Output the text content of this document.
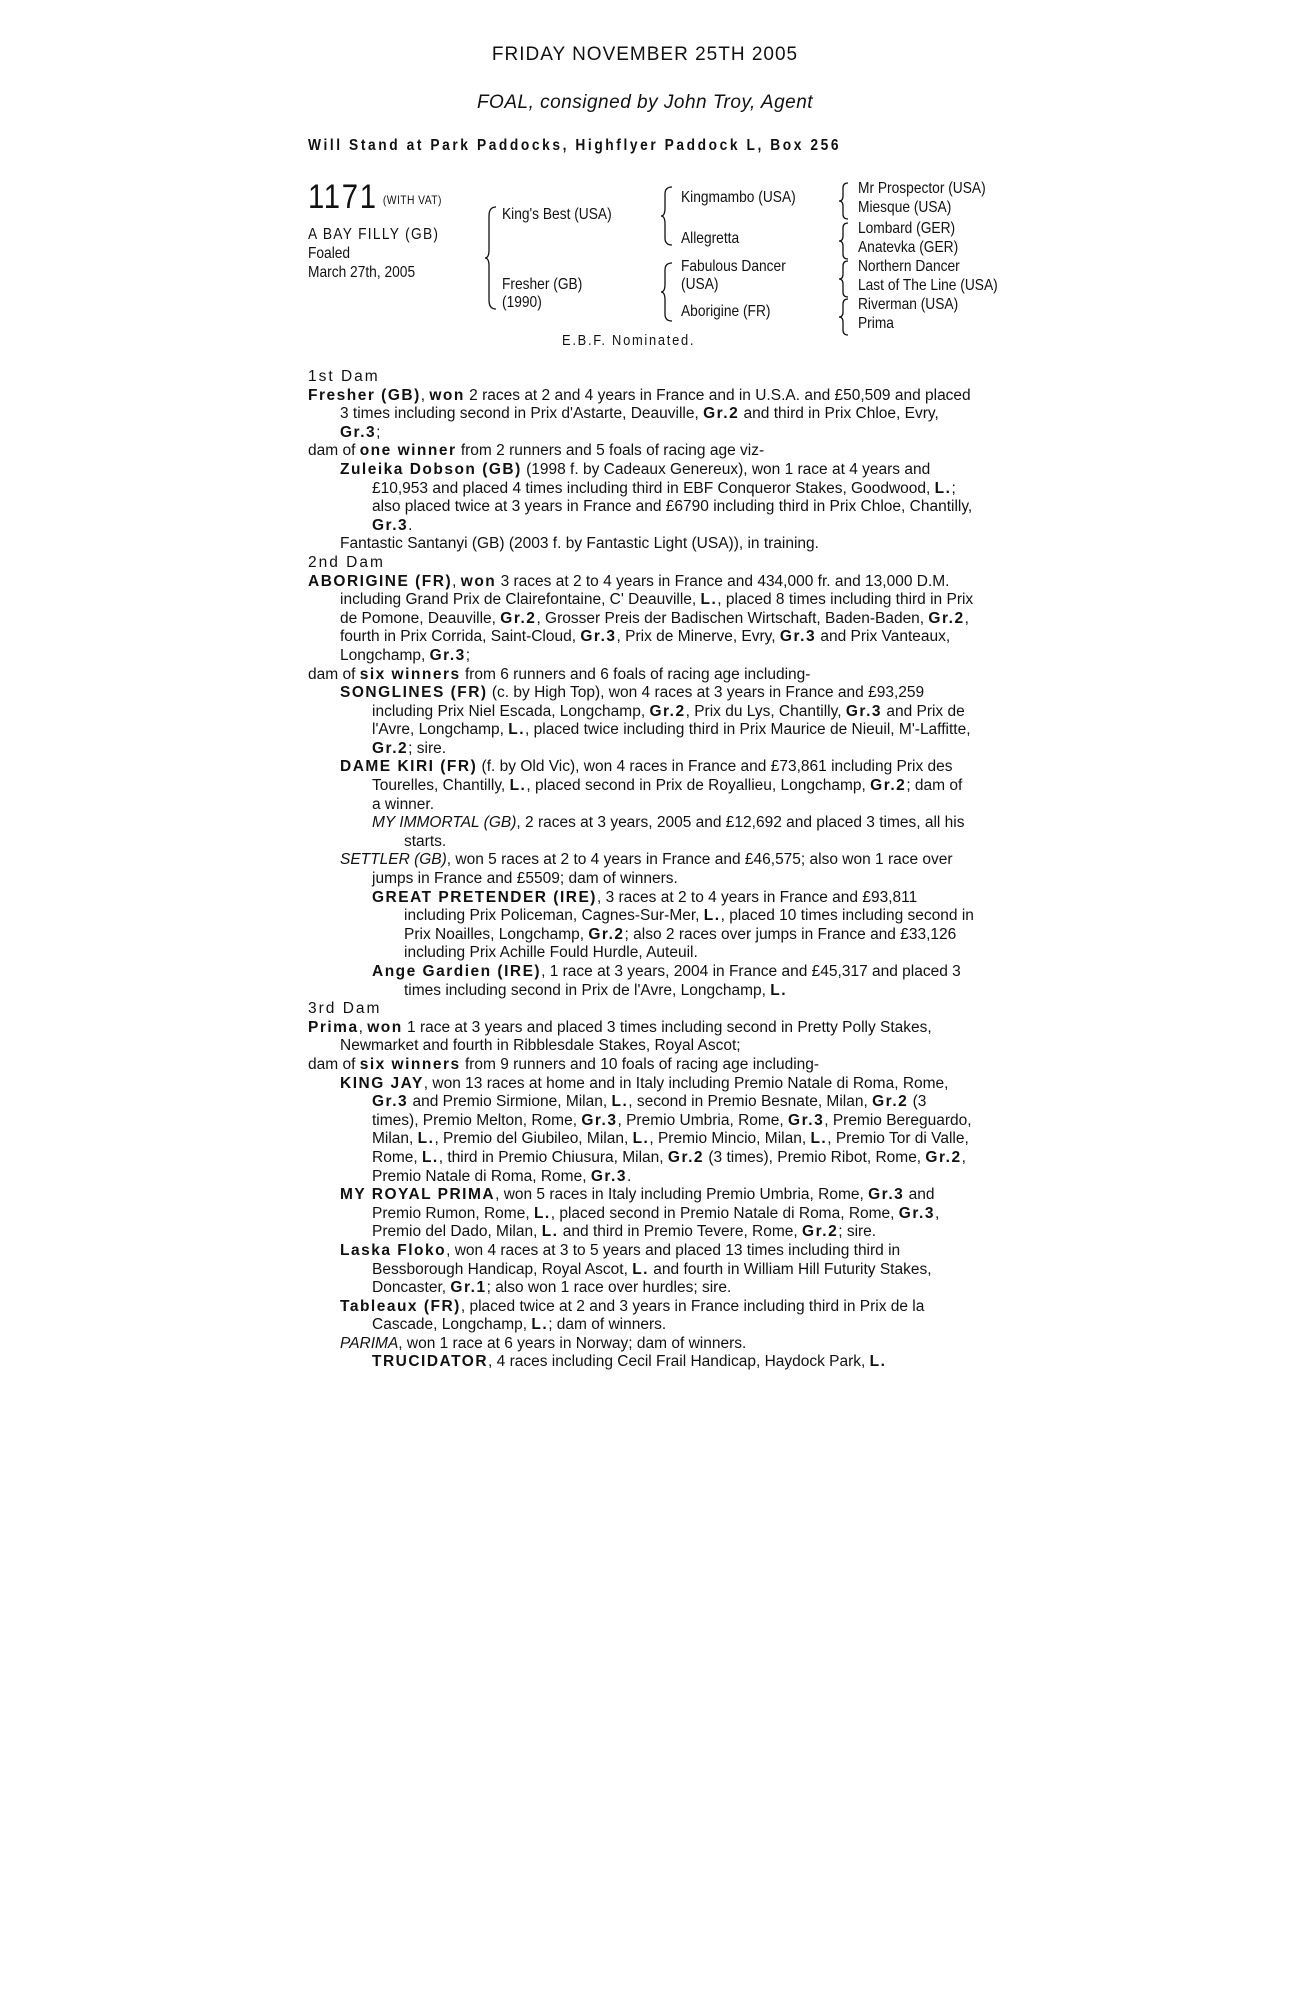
FRIDAY NOVEMBER 25TH 2005
FOAL, consigned by John Troy, Agent
Will Stand at Park Paddocks, Highflyer Paddock L, Box 256
1171 (WITH VAT)
A BAY FILLY (GB)
Foaled
March 27th, 2005
King's Best (USA)
Fresher (GB)
(1990)
Kingmambo (USA)
Allegretta
Fabulous Dancer
(USA)
Aborigine (FR)
Mr Prospector (USA)
Miesque (USA)
Lombard (GER)
Anatevka (GER)
Northern Dancer
Last of The Line (USA)
Riverman (USA)
Prima
E.B.F. Nominated.

1st Dam

Fresher (GB), won 2 races at 2 and 4 years in France and in U.S.A. and £50,509 and placed 3 times including second in Prix d'Astarte, Deauville, Gr.2 and third in Prix Chloe, Evry, Gr.3;

dam of one winner from 2 runners and 5 foals of racing age viz-

Zuleika Dobson (GB) (1998 f. by Cadeaux Genereux), won 1 race at 4 years and £10,953 and placed 4 times including third in EBF Conqueror Stakes, Goodwood, L.; also placed twice at 3 years in France and £6790 including third in Prix Chloe, Chantilly, Gr.3.

Fantastic Santanyi (GB) (2003 f. by Fantastic Light (USA)), in training.

2nd Dam

ABORIGINE (FR), won 3 races at 2 to 4 years in France and 434,000 fr. and 13,000 D.M. including Grand Prix de Clairefontaine, C' Deauville, L., placed 8 times including third in Prix de Pomone, Deauville, Gr.2, Grosser Preis der Badischen Wirtschaft, Baden-Baden, Gr.2, fourth in Prix Corrida, Saint-Cloud, Gr.3, Prix de Minerve, Evry, Gr.3 and Prix Vanteaux, Longchamp, Gr.3;

dam of six winners from 6 runners and 6 foals of racing age including-

SONGLINES (FR) (c. by High Top), won 4 races at 3 years in France and £93,259 including Prix Niel Escada, Longchamp, Gr.2, Prix du Lys, Chantilly, Gr.3 and Prix de l'Avre, Longchamp, L., placed twice including third in Prix Maurice de Nieuil, M'-Laffitte, Gr.2; sire.

DAME KIRI (FR) (f. by Old Vic), won 4 races in France and £73,861 including Prix des Tourelles, Chantilly, L., placed second in Prix de Royallieu, Longchamp, Gr.2; dam of a winner.

MY IMMORTAL (GB), 2 races at 3 years, 2005 and £12,692 and placed 3 times, all his starts.

SETTLER (GB), won 5 races at 2 to 4 years in France and £46,575; also won 1 race over jumps in France and £5509; dam of winners.

GREAT PRETENDER (IRE), 3 races at 2 to 4 years in France and £93,811 including Prix Policeman, Cagnes-Sur-Mer, L., placed 10 times including second in Prix Noailles, Longchamp, Gr.2; also 2 races over jumps in France and £33,126 including Prix Achille Fould Hurdle, Auteuil.

Ange Gardien (IRE), 1 race at 3 years, 2004 in France and £45,317 and placed 3 times including second in Prix de l'Avre, Longchamp, L.

3rd Dam

Prima, won 1 race at 3 years and placed 3 times including second in Pretty Polly Stakes, Newmarket and fourth in Ribblesdale Stakes, Royal Ascot;

dam of six winners from 9 runners and 10 foals of racing age including-

KING JAY, won 13 races at home and in Italy including Premio Natale di Roma, Rome, Gr.3 and Premio Sirmione, Milan, L., second in Premio Besnate, Milan, Gr.2 (3 times), Premio Melton, Rome, Gr.3, Premio Umbria, Rome, Gr.3, Premio Bereguardo, Milan, L., Premio del Giubileo, Milan, L., Premio Mincio, Milan, L., Premio Tor di Valle, Rome, L., third in Premio Chiusura, Milan, Gr.2 (3 times), Premio Ribot, Rome, Gr.2, Premio Natale di Roma, Rome, Gr.3.

MY ROYAL PRIMA, won 5 races in Italy including Premio Umbria, Rome, Gr.3 and Premio Rumon, Rome, L., placed second in Premio Natale di Roma, Rome, Gr.3, Premio del Dado, Milan, L. and third in Premio Tevere, Rome, Gr.2; sire.

Laska Floko, won 4 races at 3 to 5 years and placed 13 times including third in Bessborough Handicap, Royal Ascot, L. and fourth in William Hill Futurity Stakes, Doncaster, Gr.1; also won 1 race over hurdles; sire.

Tableaux (FR), placed twice at 2 and 3 years in France including third in Prix de la Cascade, Longchamp, L.; dam of winners.

PARIMA, won 1 race at 6 years in Norway; dam of winners.

TRUCIDATOR, 4 races including Cecil Frail Handicap, Haydock Park, L.
